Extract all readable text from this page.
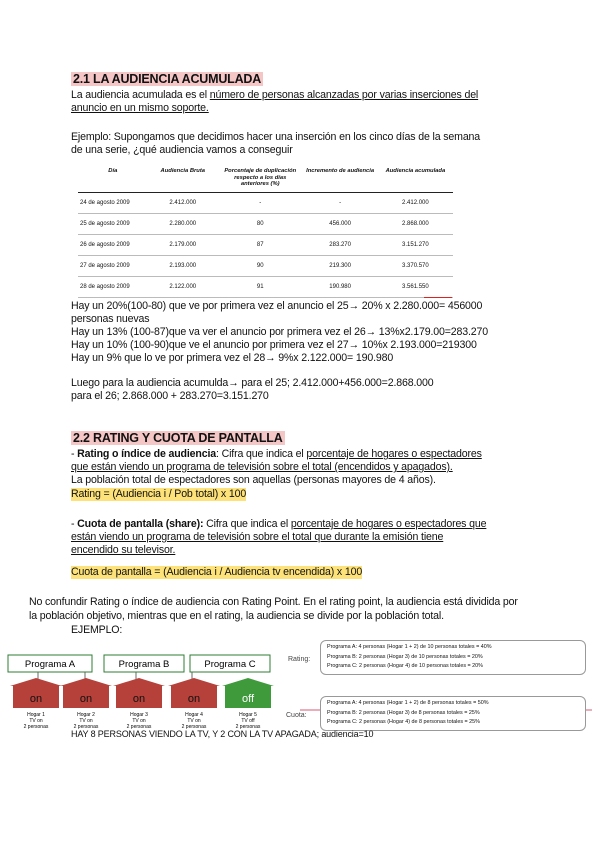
2.1 LA AUDIENCIA ACUMULADA
La audiencia acumulada es el número de personas alcanzadas por varias inserciones del
anuncio en un mismo soporte.
Ejemplo: Supongamos que decidimos hacer una inserción en los cinco días de la semana
de una serie, ¿qué audiencia vamos a conseguir
Día	Audiencia Bruta	Porcentaje de duplicación respecto a los días anteriores (%)	Incremento de audiencia	Audiencia acumulada
24 de agosto 2009	2.412.000	-	-	2.412.000
25 de agosto 2009	2.280.000	80	456.000	2.868.000
26 de agosto 2009	2.179.000	87	283.270	3.151.270
27 de agosto 2009	2.193.000	90	219.300	3.370.570
28 de agosto 2009	2.122.000	91	190.980	3.561.550
Hay un 20%(100-80) que ve por primera vez el anuncio el 25→ 20% x 2.280.000= 456000
personas nuevas
Hay un 13% (100-87)que va ver el anuncio por primera vez el 26→ 13%x2.179.00=283.270
Hay un 10% (100-90)que ve el anuncio por primera vez el 27→ 10%x 2.193.000=219300
Hay un 9% que lo ve por primera vez el 28→ 9%x 2.122.000= 190.980
Luego para la audiencia acumulda→ para el 25; 2.412.000+456.000=2.868.000
para el 26; 2.868.000 + 283.270=3.151.270
2.2 RATING Y CUOTA DE PANTALLA
- Rating o índice de audiencia: Cifra que indica el porcentaje de hogares o espectadores
que están viendo un programa de televisión sobre el total (encendidos y apagados).
La población total de espectadores son aquellas (personas mayores de 4 años).
Rating = (Audiencia i / Pob total) x 100
- Cuota de pantalla (share): Cifra que indica el porcentaje de hogares o espectadores que
están viendo un programa de televisión sobre el total que durante la emisión tiene
encendido su televisor.
Cuota de pantalla = (Audiencia i / Audiencia tv encendida) x 100
No confundir Rating o índice de audiencia con Rating Point. En el rating point, la audiencia está dividida por
la población objetivo, mientras que en el rating, la audiencia se divide por la población total.
EJEMPLO:
Programa A	Programa B	Programa C
on
Hogar 1
TV on
2 personas
on
Hogar 2
TV on
2 personas
on
Hogar 3
TV on
2 personas
on
Hogar 4
TV on
2 personas
off
Hogar 5
TV off
2 personas
Rating:
Programa A: 4 personas (Hogar 1 + 2) de 10 personas totales = 40%
Programa B: 2 personas (Hogar 3) de 10 personas totales = 20%
Programa C: 2 personas (Hogar 4) de 10 personas totales = 20%
Cuota:
Programa A: 4 personas (Hogar 1 + 2) de 8 personas totales = 50%
Programa B: 2 personas (Hogar 3) de 8 personas totales = 25%
Programa C: 2 personas (Hogar 4) de 8 personas totales = 25%
HAY 8 PERSONAS VIENDO LA TV, Y 2 CON LA TV APAGADA; audiencia=10
